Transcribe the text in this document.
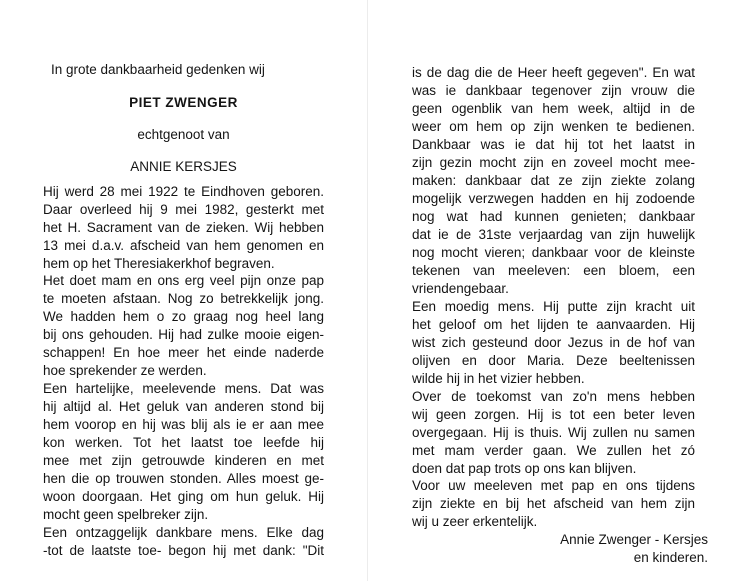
In grote dankbaarheid gedenken wij
PIET ZWENGER
echtgenoot van
ANNIE KERSJES
Hij werd 28 mei 1922 te Eindhoven geboren.
Daar overleed hij 9 mei 1982, gesterkt met
het H. Sacrament van de zieken. Wij hebben
13 mei d.a.v. afscheid van hem genomen en
hem op het Theresiakerkhof begraven.
Het doet mam en ons erg veel pijn onze pap
te moeten afstaan. Nog zo betrekkelijk jong.
We hadden hem o zo graag nog heel lang
bij ons gehouden. Hij had zulke mooie eigen-
schappen! En hoe meer het einde naderde
hoe sprekender ze werden.
Een hartelijke, meelevende mens. Dat was
hij altijd al. Het geluk van anderen stond bij
hem voorop en hij was blij als ie er aan mee
kon werken. Tot het laatst toe leefde hij
mee met zijn getrouwde kinderen en met
hen die op trouwen stonden. Alles moest ge-
woon doorgaan. Het ging om hun geluk. Hij
mocht geen spelbreker zijn.
Een ontzaggelijk dankbare mens. Elke dag
-tot de laatste toe- begon hij met dank: "Dit
is de dag die de Heer heeft gegeven". En wat
was ie dankbaar tegenover zijn vrouw die
geen ogenblik van hem week, altijd in de
weer om hem op zijn wenken te bedienen.
Dankbaar was ie dat hij tot het laatst in
zijn gezin mocht zijn en zoveel mocht mee-
maken: dankbaar dat ze zijn ziekte zolang
mogelijk verzwegen hadden en hij zodoende
nog wat had kunnen genieten; dankbaar
dat ie de 31ste verjaardag van zijn huwelijk
nog mocht vieren; dankbaar voor de kleinste
tekenen van meeleven: een bloem, een
vriendengebaar.
Een moedig mens. Hij putte zijn kracht uit
het geloof om het lijden te aanvaarden. Hij
wist zich gesteund door Jezus in de hof van
olijven en door Maria. Deze beeltenissen
wilde hij in het vizier hebben.
Over de toekomst van zo'n mens hebben
wij geen zorgen. Hij is tot een beter leven
overgegaan. Hij is thuis. Wij zullen nu samen
met mam verder gaan. We zullen het zó
doen dat pap trots op ons kan blijven.
Voor uw meeleven met pap en ons tijdens
zijn ziekte en bij het afscheid van hem zijn
wij u zeer erkentelijk.
Annie Zwenger - Kersjes
en kinderen.
